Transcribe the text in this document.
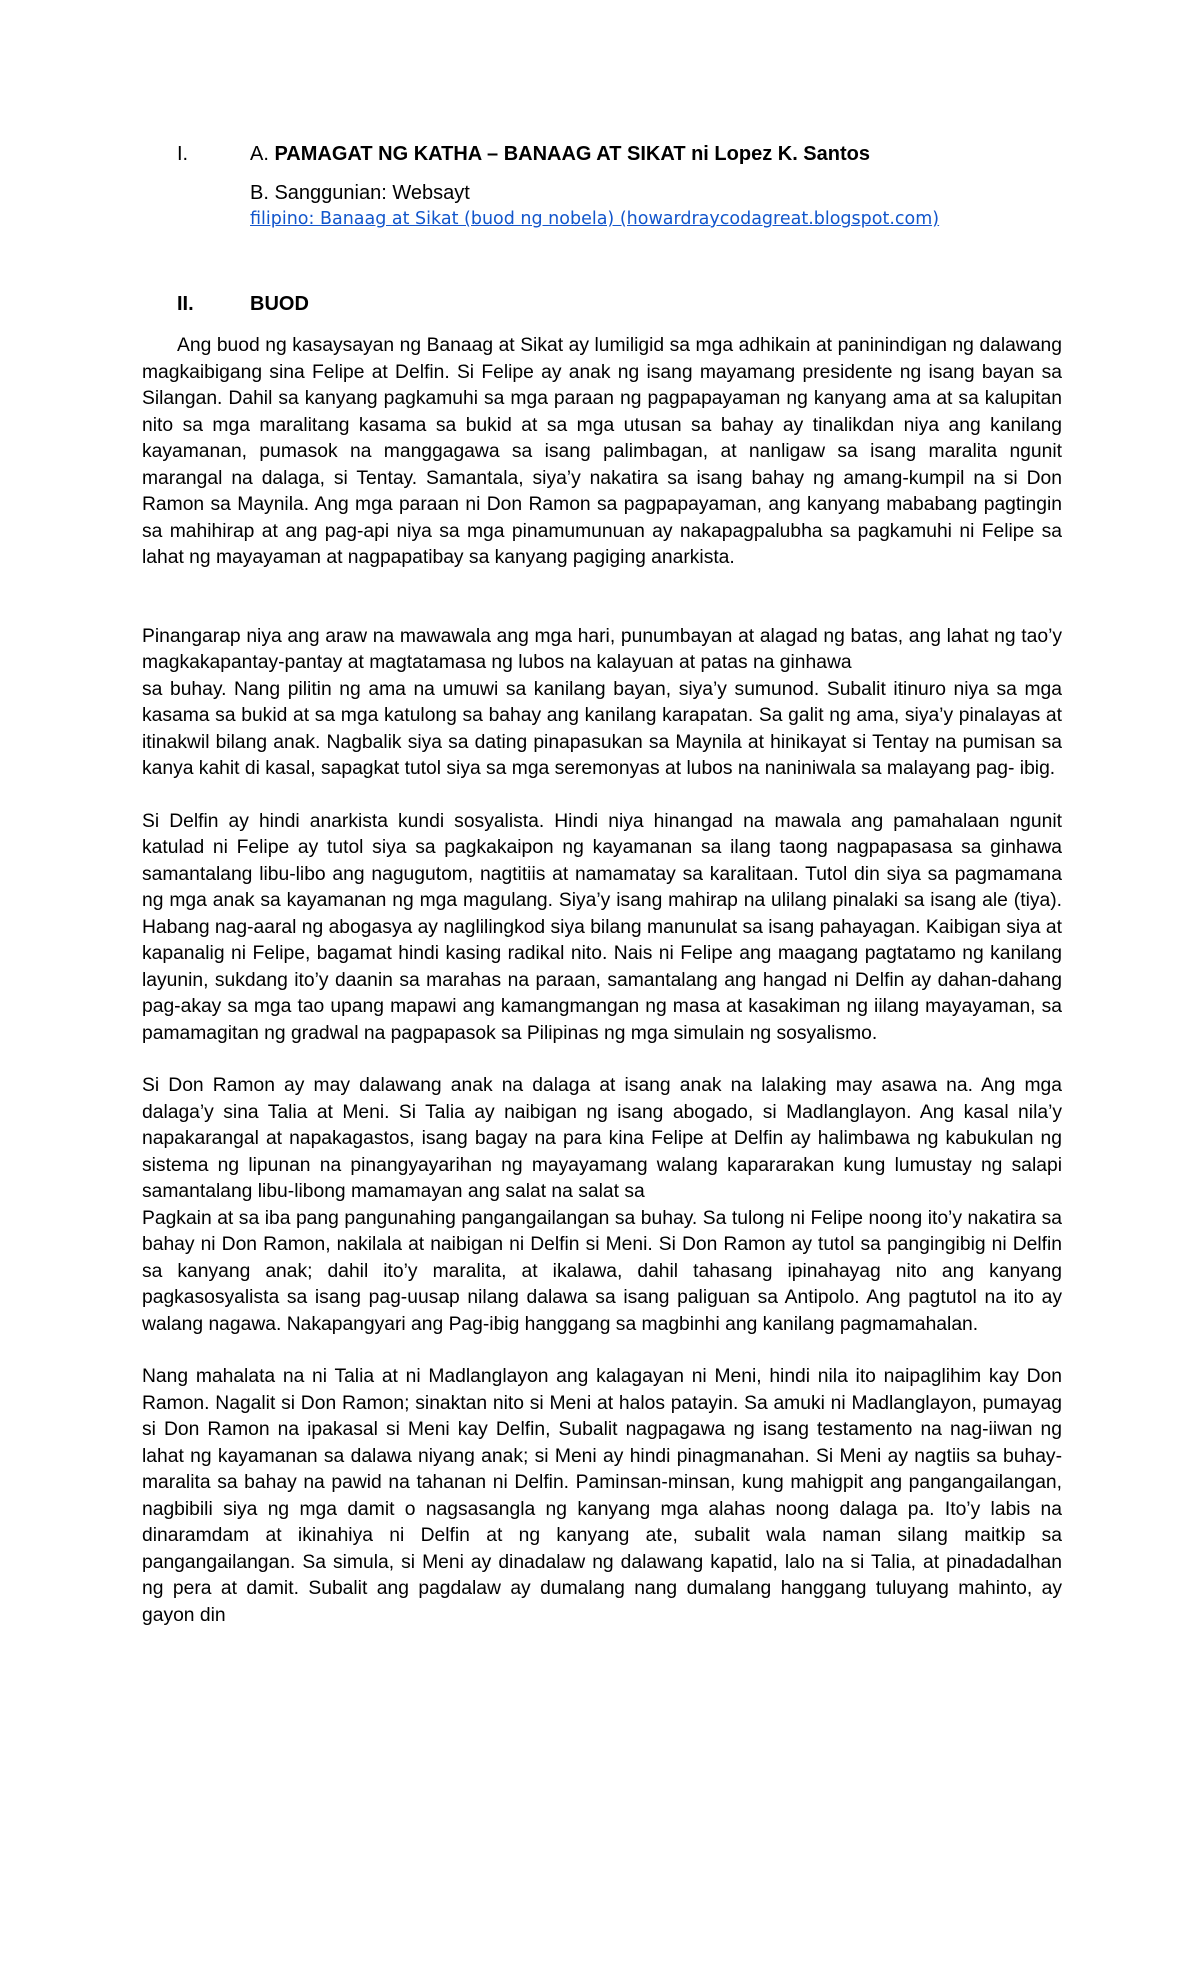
I.	A. PAMAGAT NG KATHA – BANAAG AT SIKAT ni Lopez K. Santos
B. Sanggunian: Websayt
filipino: Banaag at Sikat (buod ng nobela) (howardraycodagreat.blogspot.com)
II.	BUOD

Ang buod ng kasaysayan ng Banaag at Sikat ay lumiligid sa mga adhikain at paninindigan ng dalawang magkaibigang sina Felipe at Delfin. Si Felipe ay anak ng isang mayamang presidente ng isang bayan sa Silangan. Dahil sa kanyang pagkamuhi sa mga paraan ng pagpapayaman ng kanyang ama at sa kalupitan nito sa mga maralitang kasama sa bukid at sa mga utusan sa bahay ay tinalikdan niya ang kanilang kayamanan, pumasok na manggagawa sa isang palimbagan, at nanligaw sa isang maralita ngunit marangal na dalaga, si Tentay. Samantala, siya’y nakatira sa isang bahay ng amang-kumpil na si Don Ramon sa Maynila. Ang mga paraan ni Don Ramon sa pagpapayaman, ang kanyang mababang pagtingin sa mahihirap at ang pag-api niya sa mga pinamumunuan ay nakapagpalubha sa pagkamuhi ni Felipe sa lahat ng mayayaman at nagpapatibay sa kanyang pagiging anarkista.

Pinangarap niya ang araw na mawawala ang mga hari, punumbayan at alagad ng batas, ang lahat ng tao’y magkakapantay-pantay at magtatamasa ng lubos na kalayuan at patas na ginhawa

sa buhay. Nang pilitin ng ama na umuwi sa kanilang bayan, siya’y sumunod. Subalit itinuro niya sa mga kasama sa bukid at sa mga katulong sa bahay ang kanilang karapatan. Sa galit ng ama, siya’y pinalayas at itinakwil bilang anak. Nagbalik siya sa dating pinapasukan sa Maynila at hinikayat si Tentay na pumisan sa kanya kahit di kasal, sapagkat tutol siya sa mga seremonyas at lubos na naniniwala sa malayang pag- ibig.

Si Delfin ay hindi anarkista kundi sosyalista. Hindi niya hinangad na mawala ang pamahalaan ngunit katulad ni Felipe ay tutol siya sa pagkakaipon ng kayamanan sa ilang taong nagpapasasa sa ginhawa samantalang libu-libo ang nagugutom, nagtitiis at namamatay sa karalitaan. Tutol din siya sa pagmamana ng mga anak sa kayamanan ng mga magulang. Siya’y isang mahirap na ulilang pinalaki sa isang ale (tiya). Habang nag-aaral ng abogasya ay naglilingkod siya bilang manunulat sa isang pahayagan. Kaibigan siya at kapanalig ni Felipe, bagamat hindi kasing radikal nito. Nais ni Felipe ang maagang pagtatamo ng kanilang layunin, sukdang ito’y daanin sa marahas na paraan, samantalang ang hangad ni Delfin ay dahan-dahang pag-akay sa mga tao upang mapawi ang kamangmangan ng masa at kasakiman ng iilang mayayaman, sa pamamagitan ng gradwal na pagpapasok sa Pilipinas ng mga simulain ng sosyalismo.

Si Don Ramon ay may dalawang anak na dalaga at isang anak na lalaking may asawa na. Ang mga dalaga’y sina Talia at Meni. Si Talia ay naibigan ng isang abogado, si Madlanglayon. Ang kasal nila’y napakarangal at napakagastos, isang bagay na para kina Felipe at Delfin ay halimbawa ng kabukulan ng sistema ng lipunan na pinangyayarihan ng mayayamang walang kapararakan kung lumustay ng salapi samantalang libu-libong mamamayan ang salat na salat sa

Pagkain at sa iba pang pangunahing pangangailangan sa buhay. Sa tulong ni Felipe noong ito’y nakatira sa bahay ni Don Ramon, nakilala at naibigan ni Delfin si Meni. Si Don Ramon ay tutol sa pangingibig ni Delfin sa kanyang anak; dahil ito’y maralita, at ikalawa, dahil tahasang ipinahayag nito ang kanyang pagkasosyalista sa isang pag-uusap nilang dalawa sa isang paliguan sa Antipolo. Ang pagtutol na ito ay walang nagawa. Nakapangyari ang Pag-ibig hanggang sa magbinhi ang kanilang pagmamahalan.

Nang mahalata na ni Talia at ni Madlanglayon ang kalagayan ni Meni, hindi nila ito naipaglihim kay Don Ramon. Nagalit si Don Ramon; sinaktan nito si Meni at halos patayin. Sa amuki ni Madlanglayon, pumayag si Don Ramon na ipakasal si Meni kay Delfin, Subalit nagpagawa ng isang testamento na nag-iiwan ng lahat ng kayamanan sa dalawa niyang anak; si Meni ay hindi pinagmanahan. Si Meni ay nagtiis sa buhay-maralita sa bahay na pawid na tahanan ni Delfin. Paminsan-minsan, kung mahigpit ang pangangailangan, nagbibili siya ng mga damit o nagsasangla ng kanyang mga alahas noong dalaga pa. Ito’y labis na dinaramdam at ikinahiya ni Delfin at ng kanyang ate, subalit wala naman silang maitkip sa pangangailangan. Sa simula, si Meni ay dinadalaw ng dalawang kapatid, lalo na si Talia, at pinadadalhan ng pera at damit. Subalit ang pagdalaw ay dumalang nang dumalang hanggang tuluyang mahinto, ay gayon din
